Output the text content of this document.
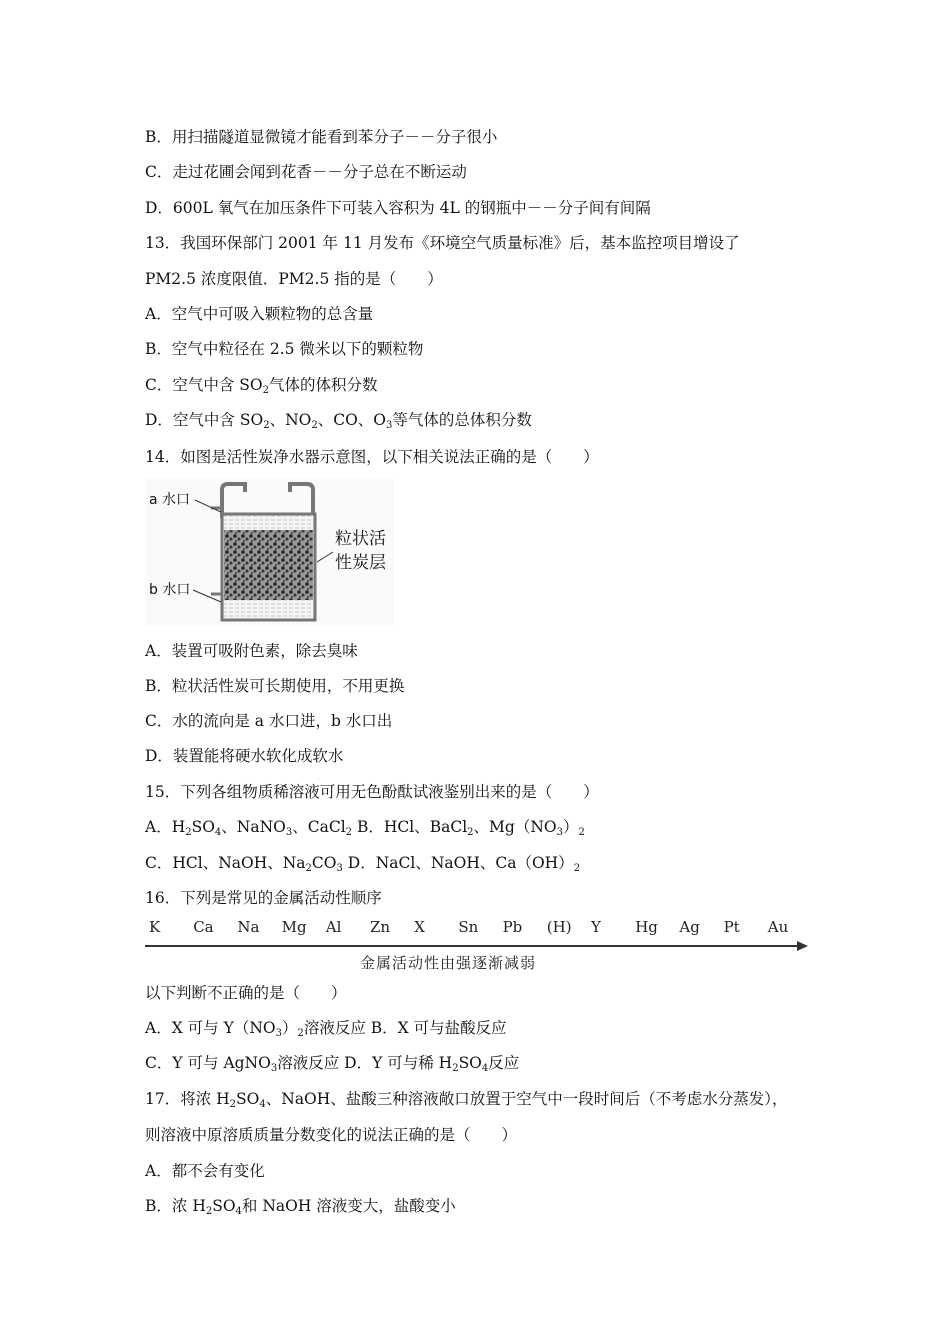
B．用扫描隧道显微镜才能看到苯分子－－分子很小
C．走过花圃会闻到花香－－分子总在不断运动
D．600L 氧气在加压条件下可装入容积为 4L 的钢瓶中－－分子间有间隔
13．我国环保部门 2001 年 11 月发布《环境空气质量标准》后，基本监控项目增设了
PM2.5 浓度限值．PM2.5 指的是（　　）
A．空气中可吸入颗粒物的总含量
B．空气中粒径在 2.5 微米以下的颗粒物
C．空气中含 $SO_2$气体的体积分数
D．空气中含 $SO_2$、$NO_2$、CO、$O_3$等气体的总体积分数
14．如图是活性炭净水器示意图，以下相关说法正确的是（　　）
a 水口
b 水口
粒状活
性炭层
A．装置可吸附色素，除去臭味
B．粒状活性炭可长期使用，不用更换
C．水的流向是 a 水口进，b 水口出
D．装置能将硬水软化成软水
15．下列各组物质稀溶液可用无色酚酞试液鉴别出来的是（　　）
A．$H_2SO_4$、NaNO$_3$、CaCl$_2$ B．HCl、BaCl$_2$、$Mg(NO_3)_2$
C．HCl、NaOH、$Na_2CO_3$ D．NaCl、NaOH、$Ca(OH)_2$
16．下列是常见的金属活动性顺序
K Ca Na Mg Al Zn X Sn Pb (H) Y Hg Ag Pt Au
金属活动性由强逐渐减弱
以下判断不正确的是（　　）
A．X 可与 $Y(NO_3)_2$溶液反应 B．X 可与盐酸反应
C．Y 可与 AgNO$_3$溶液反应 D．Y 可与稀 $H_2SO_4$反应
17．将浓 $H_2SO_4$、NaOH、盐酸三种溶液敞口放置于空气中一段时间后（不考虑水分蒸发），
则溶液中原溶质质量分数变化的说法正确的是（　　）
A．都不会有变化
B．浓 $H_2SO_4$和 NaOH 溶液变大，盐酸变小
